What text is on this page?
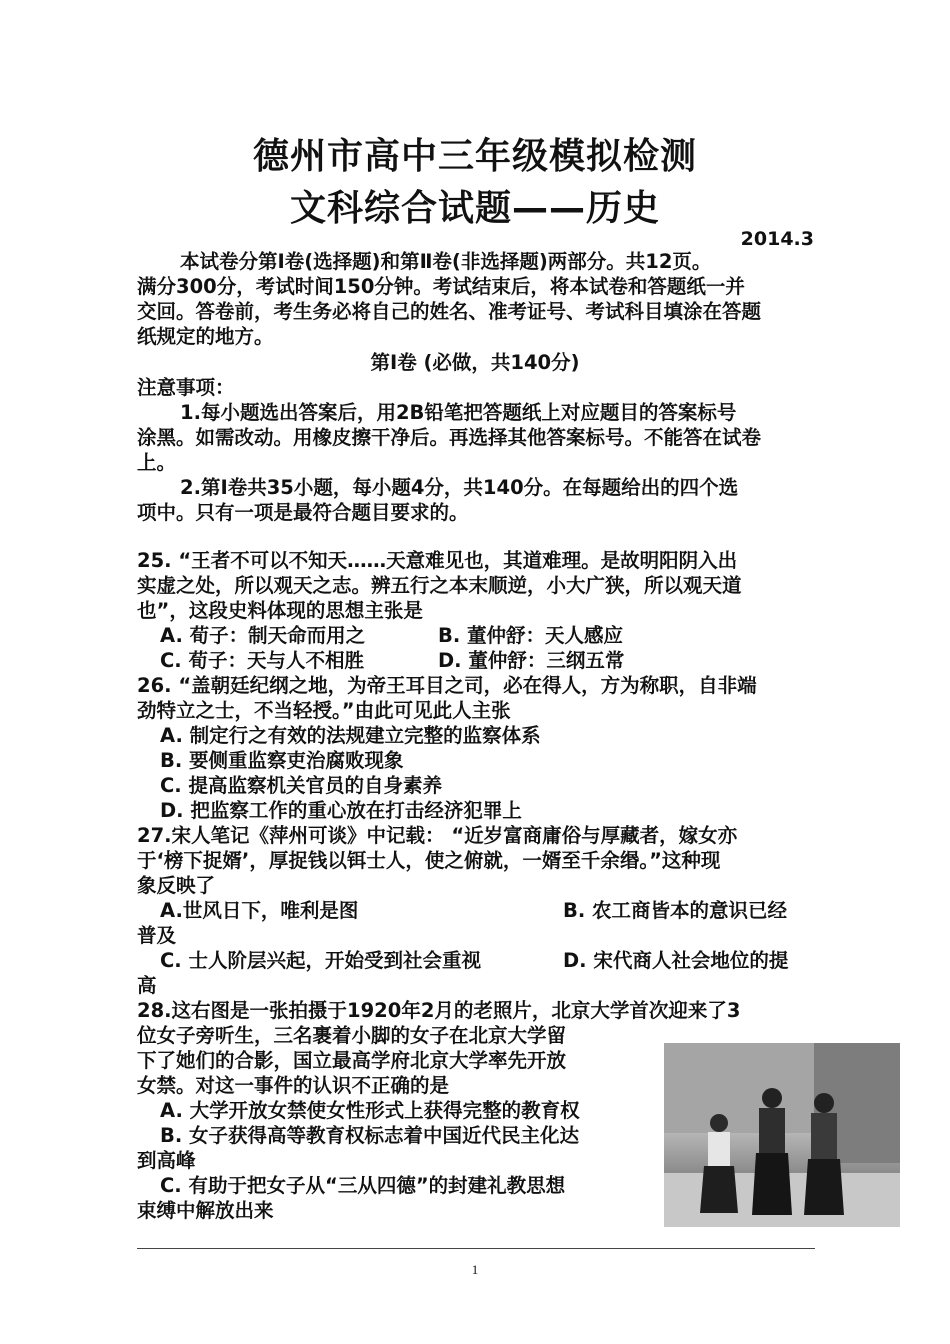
德州市高中三年级模拟检测
文科综合试题——历史
2014.3
本试卷分第Ⅰ卷(选择题)和第Ⅱ卷(非选择题)两部分。共12页。
满分300分，考试时间150分钟。考试结束后，将本试卷和答题纸一并
交回。答卷前，考生务必将自己的姓名、准考证号、考试科目填涂在答题
纸规定的地方。
第Ⅰ卷 (必做，共140分)
注意事项：
1.每小题选出答案后，用2B铅笔把答题纸上对应题目的答案标号
涂黑。如需改动。用橡皮擦干净后。再选择其他答案标号。不能答在试卷
上。
2.第Ⅰ卷共35小题，每小题4分，共140分。在每题给出的四个选
项中。只有一项是最符合题目要求的。
25. “王者不可以不知天……天意难见也，其道难理。是故明阳阴入出
实虚之处，所以观天之志。辨五行之本末顺逆，小大广狭，所以观天道
也”，这段史料体现的思想主张是
A. 荀子：制天命而用之	B. 董仲舒：天人感应
C. 荀子：天与人不相胜	D. 董仲舒：三纲五常
26. “盖朝廷纪纲之地，为帝王耳目之司，必在得人，方为称职，自非端
劲特立之士，不当轻授。”由此可见此人主张
A. 制定行之有效的法规建立完整的监察体系
B. 要侧重监察吏治腐败现象
C. 提高监察机关官员的自身素养
D. 把监察工作的重心放在打击经济犯罪上
27.宋人笔记《萍州可谈》中记载： “近岁富商庸俗与厚藏者，嫁女亦
于‘榜下捉婿’，厚捉钱以铒士人，使之俯就，一婿至千余缗。”这种现
象反映了
A.世风日下，唯利是图	B. 农工商皆本的意识已经
普及
C. 士人阶层兴起，开始受到社会重视	D. 宋代商人社会地位的提
高
28.这右图是一张拍摄于1920年2月的老照片，北京大学首次迎来了3
位女子旁听生，三名裹着小脚的女子在北京大学留
下了她们的合影，国立最高学府北京大学率先开放
女禁。对这一事件的认识不正确的是
A. 大学开放女禁使女性形式上获得完整的教育权
B. 女子获得高等教育权标志着中国近代民主化达
到高峰
C. 有助于把女子从“三从四德”的封建礼教思想
束缚中解放出来
1
